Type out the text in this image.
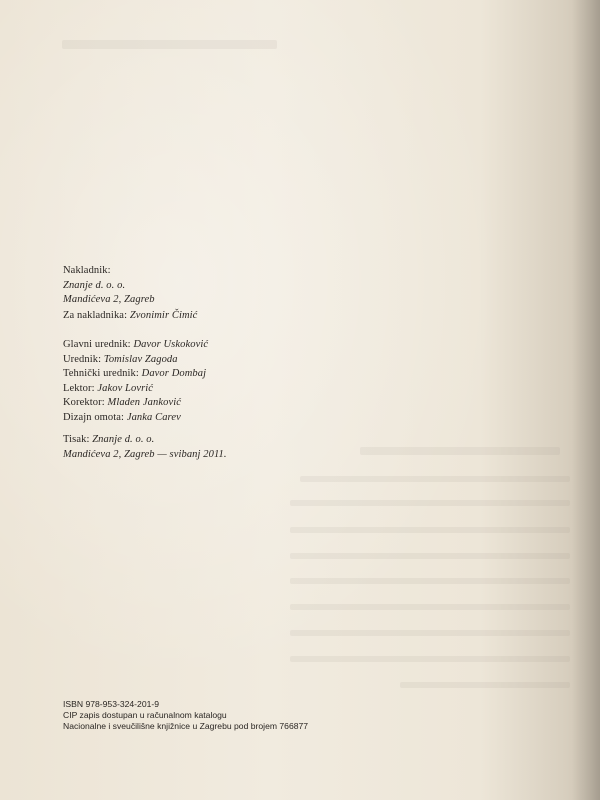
Nakladnik:

Znanje d. o. o.

Mandićeva 2, Zagreb

Za nakladnika: Zvonimir Čimić

Glavni urednik: Davor Uskoković

Urednik: Tomislav Zagoda

Tehnički urednik: Davor Dombaj

Lektor: Jakov Lovrić

Korektor: Mladen Janković

Dizajn omota: Janka Carev

Tisak: Znanje d. o. o.

Mandićeva 2, Zagreb — svibanj 2011.

ISBN 978-953-324-201-9

CIP zapis dostupan u računalnom katalogu

Nacionalne i sveučilišne knjižnice u Zagrebu pod brojem 766877
